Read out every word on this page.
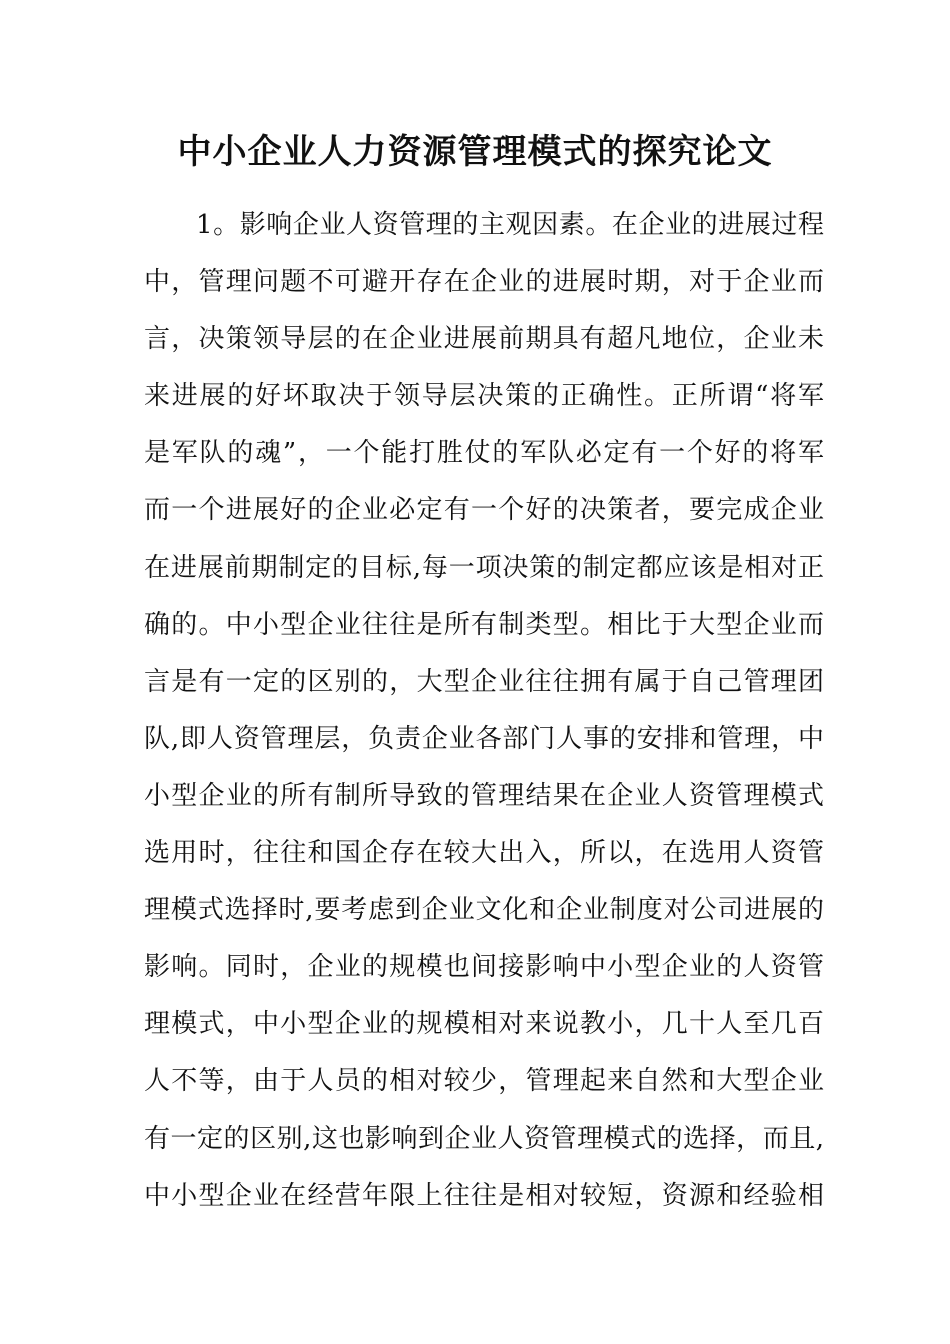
中小企业人力资源管理模式的探究论文
1。影响企业人资管理的主观因素。在企业的进展过程
中，管理问题不可避开存在企业的进展时期，对于企业而
言，决策领导层的在企业进展前期具有超凡地位，企业未
来进展的好坏取决于领导层决策的正确性。正所谓“将军
是军队的魂”，一个能打胜仗的军队必定有一个好的将军
而一个进展好的企业必定有一个好的决策者，要完成企业
在进展前期制定的目标,每一项决策的制定都应该是相对正
确的。中小型企业往往是所有制类型。相比于大型企业而
言是有一定的区别的，大型企业往往拥有属于自己管理团
队,即人资管理层，负责企业各部门人事的安排和管理，中
小型企业的所有制所导致的管理结果在企业人资管理模式
选用时，往往和国企存在较大出入，所以，在选用人资管
理模式选择时,要考虑到企业文化和企业制度对公司进展的
影响。同时，企业的规模也间接影响中小型企业的人资管
理模式，中小型企业的规模相对来说教小，几十人至几百
人不等，由于人员的相对较少，管理起来自然和大型企业
有一定的区别,这也影响到企业人资管理模式的选择，而且,
中小型企业在经营年限上往往是相对较短，资源和经验相
